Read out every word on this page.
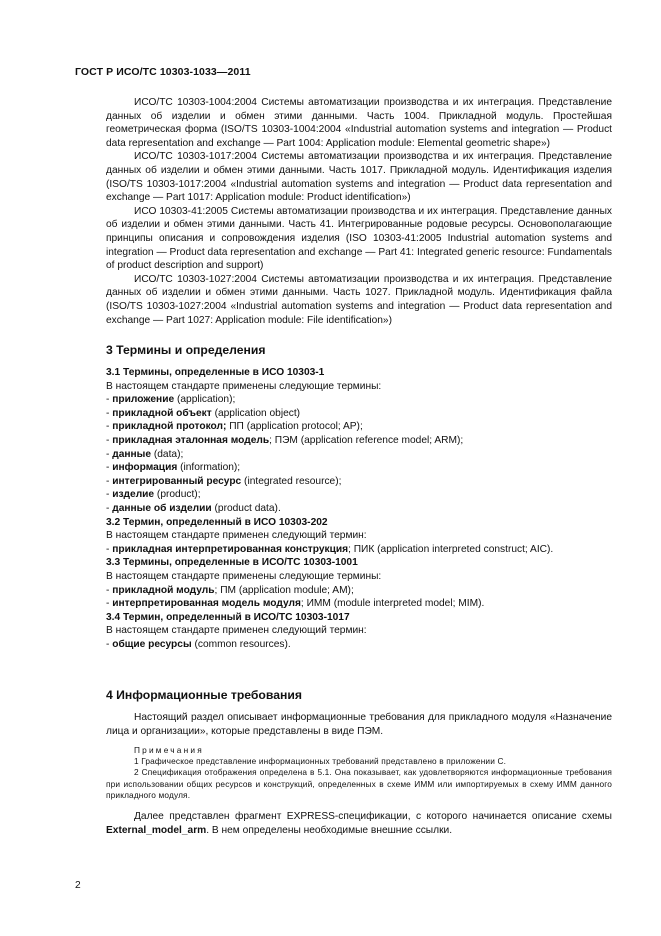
ГОСТ Р ИСО/ТС 10303-1033—2011

ИСО/ТС 10303-1004:2004 Системы автоматизации производства и их интеграция. Представление данных об изделии и обмен этими данными. Часть 1004. Прикладной модуль. Простейшая геометрическая форма (ISO/TS 10303-1004:2004 «Industrial automation systems and integration — Product data representation and exchange — Part 1004: Application module: Elemental geometric shape»)

ИСО/ТС 10303-1017:2004 Системы автоматизации производства и их интеграция. Представление данных об изделии и обмен этими данными. Часть 1017. Прикладной модуль. Идентификация изделия (ISO/TS 10303-1017:2004 «Industrial automation systems and integration — Product data representation and exchange — Part 1017: Application module: Product identification»)

ИСО 10303-41:2005 Системы автоматизации производства и их интеграция. Представление данных об изделии и обмен этими данными. Часть 41. Интегрированные родовые ресурсы. Основополагающие принципы описания и сопровождения изделия (ISO 10303-41:2005 Industrial automation systems and integration — Product data representation and exchange — Part 41: Integrated generic resource: Fundamentals of product description and support)

ИСО/ТС 10303-1027:2004 Системы автоматизации производства и их интеграция. Представление данных об изделии и обмен этими данными. Часть 1027. Прикладной модуль. Идентификация файла (ISO/TS 10303-1027:2004 «Industrial automation systems and integration — Product data representation and exchange — Part 1027: Application module: File identification»)

3 Термины и определения

3.1 Термины, определенные в ИСО 10303-1

В настоящем стандарте применены следующие термины:

- приложение (application);

- прикладной объект (application object)

- прикладной протокол; ПП (application protocol; AP);

- прикладная эталонная модель; ПЭМ (application reference model; ARM);

- данные (data);

- информация (information);

- интегрированный ресурс (integrated resource);

- изделие (product);

- данные об изделии (product data).

3.2 Термин, определенный в ИСО 10303-202

В настоящем стандарте применен следующий термин:

- прикладная интерпретированная конструкция; ПИК (application interpreted construct; AIC).

3.3 Термины, определенные в ИСО/ТС 10303-1001

В настоящем стандарте применены следующие термины:

- прикладной модуль; ПМ (application module; AM);

- интерпретированная модель модуля; ИММ (module interpreted model; MIM).

3.4 Термин, определенный в ИСО/ТС 10303-1017

В настоящем стандарте применен следующий термин:

- общие ресурсы (common resources).

4 Информационные требования

Настоящий раздел описывает информационные требования для прикладного модуля «Назначение лица и организации», которые представлены в виде ПЭМ.

Примечания

1 Графическое представление информационных требований представлено в приложении C.

2 Спецификация отображения определена в 5.1. Она показывает, как удовлетворяются информационные требования при использовании общих ресурсов и конструкций, определенных в схеме ИММ или импортируемых в схему ИММ данного прикладного модуля.

Далее представлен фрагмент EXPRESS-спецификации, с которого начинается описание схемы External_model_arm. В нем определены необходимые внешние ссылки.

2
